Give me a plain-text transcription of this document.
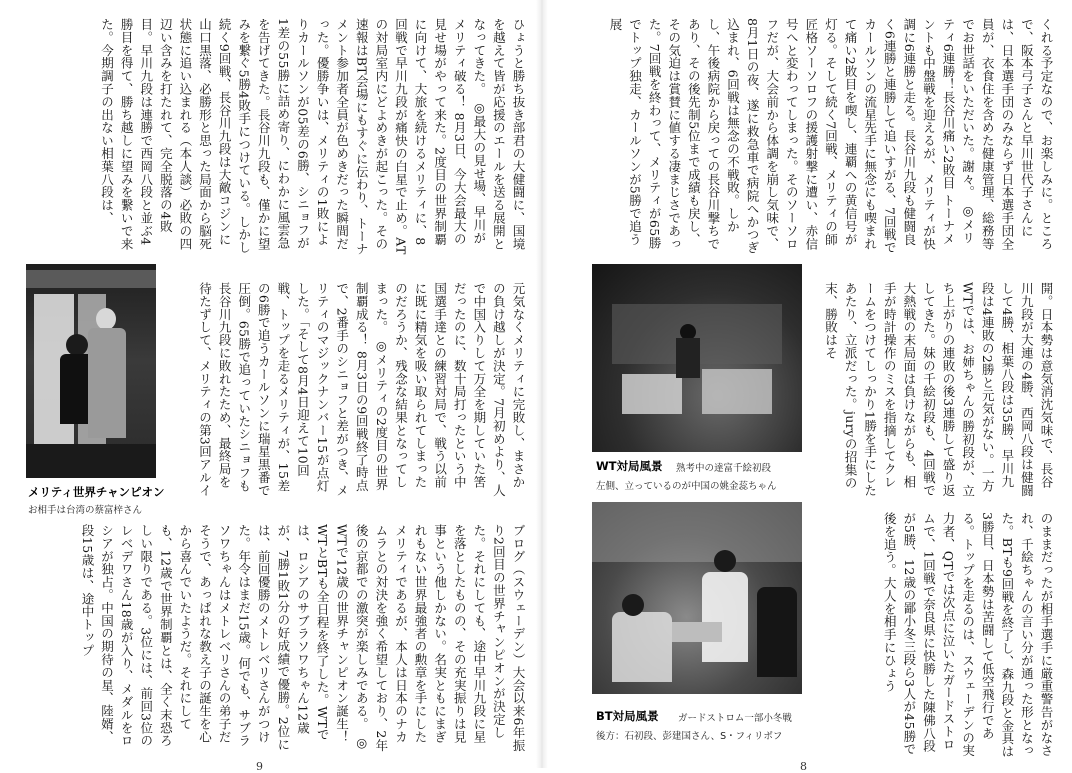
ひょうと勝ち抜き部君の大健闘に、国境を越えて皆が応援のエールを送る展開となってきた。 ◎最大の見せ場、早川がメリティ破る！ 8月3日、今大会最大の見せ場がやって来た。2度目の世界制覇に向けて、大旅を続けるメリティに、8回戦で早川九段が痛快の白星で止め。ATの対局室内にどよめきが起こった。その速報はBT会場にもすぐに伝わり、トーナメント参加者全員が色めきだった瞬間だった。優勝争いは、メリティの1敗によりカールソンが05差の6勝、シニョフが1差の55勝に詰め寄り、にわかに風雲急を告げてきた。長谷川九段も、僅かに望みを繋ぐ5勝4敗手につけている。しかし続く9回戦、長谷川九段は大敵コジンに山口黒落、必勝形と思った局面から脳死状態に追い込まれる（本人談）必敗の四辺い含みを打たれて、完全脱落の4敗目。早川九段は連勝で西岡八段と並ぶ4勝目を得て、勝ち越しに望みを繋いで来た。今期調子の出ない相葉八段は、
メリティ世界チャンピオン
お相手は台湾の蔡富梓さん
元気なくメリティに完敗し、まさかの負け越しが決定。7月初めより、人で中国入りして万全を期していた筈だったのに、数十局打ったという中国選手達との練習対局で、戦う以前に既に精気を吸い取られてしまったのだろうか、残念な結果となってしまった。 ◎メリティの2度目の世界制覇成る！ 8月3日の9回戦終了時点で、2番手のシニョフと差がつき、メリティのマジックナンバー15が点灯した。「そして8月4日迎えて10回戦、トップを走るメリティが、15差の6勝で追うカールソンに瑞星黒番で圧倒。65勝で追っていたシニョフも長谷川九段に敗れたため、最終局を待たずして、メリティの第3回アルイ
ブログ（スウェーデン）大会以来6年振り2回目の世界チャンピオンが決定した。それにしても、途中早川九段に星を落としたものの、その充実振りは見事という他しかない。名実ともにまぎれもない世界最強者の勲章を手にしたメリティであるが、本人は日本のナカムラとの対決を強く希望しており、2年後の京都での激突が楽しみである。 ◎WTで12歳の世界チャンピオン誕生！ WTとBTも全日程を終了した。WTでは、ロシアのサブラソワちゃん12歳が、7勝1敗1分の好成績で優勝。2位には、前回優勝のメトレベリさんがつけた。年令はまだ15歳。何でも、サブラソワちゃんはメトレベリさんの弟子だそうで、あっぱれな教え子の誕生を心から喜んでいたようだ。それにしても、12歳で世界制覇とは、全く末恐ろしい限りである。3位には、前回3位のレベデワさん18歳が入り、メダルをロシアが独占。中国の期待の星、陸婿、段15歳は、途中トップ
9
くれる予定なので、お楽しみに。ところで、阪本弓子さんと早川世代子さんには、日本選手団のみならず日本選手団全員が、衣食住を含めた健康管理、総務等でお世話をいただいた。謝々。 ◎メリティ6連勝！長谷川痛い2敗目 トーナメントも中盤戦を迎えるが、メリティが快調に6連勝と走る。長谷川九段も健闘良く6連勝と連勝して追いすがる、7回戦でカールソンの流星先手に無念にも喫まれて痛い2敗目を喫し、連覇への黄信号が灯る。そして続く7回戦、メリティの師匠格ソーソロフの援護射撃に遭い、赤信号へと変わってしまった。そのソーソロフだが、大会前から体調を崩し気味で、8月1日の夜、遂に救急車で病院へかつぎ込まれ、6回戦は無念の不戦敗。しかし、午後病院から戻っての長谷川撃ちであり、その後先制5位まで成績も戻し、その気迫は賞賛に値する凄まじさであった。7回戦を終わって、メリティが65勝でトップ独走、カールソンが5勝で追う展
WT対局風景 熟考中の達富千絵初段
左側、立っているのが中国の姚金蕊ちゃん
BT対局風景 ガードストロム一部小冬戦
後方：石初段、彭建国さん、S・フィリボフ
開。日本勢は意気消沈気味で、長谷川九段が大連の4勝、西岡八段は健闘して4勝、相葉八段は35勝、早川九段は4連敗の2勝と元気がない。一方WTでは、お姉ちゃんの勝初段が、立ち上がりの連敗の後3連勝して盛り返してきた。妹の千絵初段も、4回戦で大熱戦の末局面は負けながらも、相手が時計操作のミスを指摘してクレームをつけてしっかり1勝を手にしたあたり、立派だった。juryの招集の末、勝敗はそ
のままだったが相手選手に厳重警告がなされ、千絵ちゃんの言い分が通った形となった。BTも9回戦を終了し、森九段と金具は3勝目、日本勢は苦闘して低空飛行である。トップを走るのは、スウェーデンの実力者、QTでは次点に泣いたガードストロムで、1回戦で奈良県に快勝した陳佛八段が5勝、12歳の鄙小冬三段ら3人が45勝で後を追う。大人を相手にひょう
8
